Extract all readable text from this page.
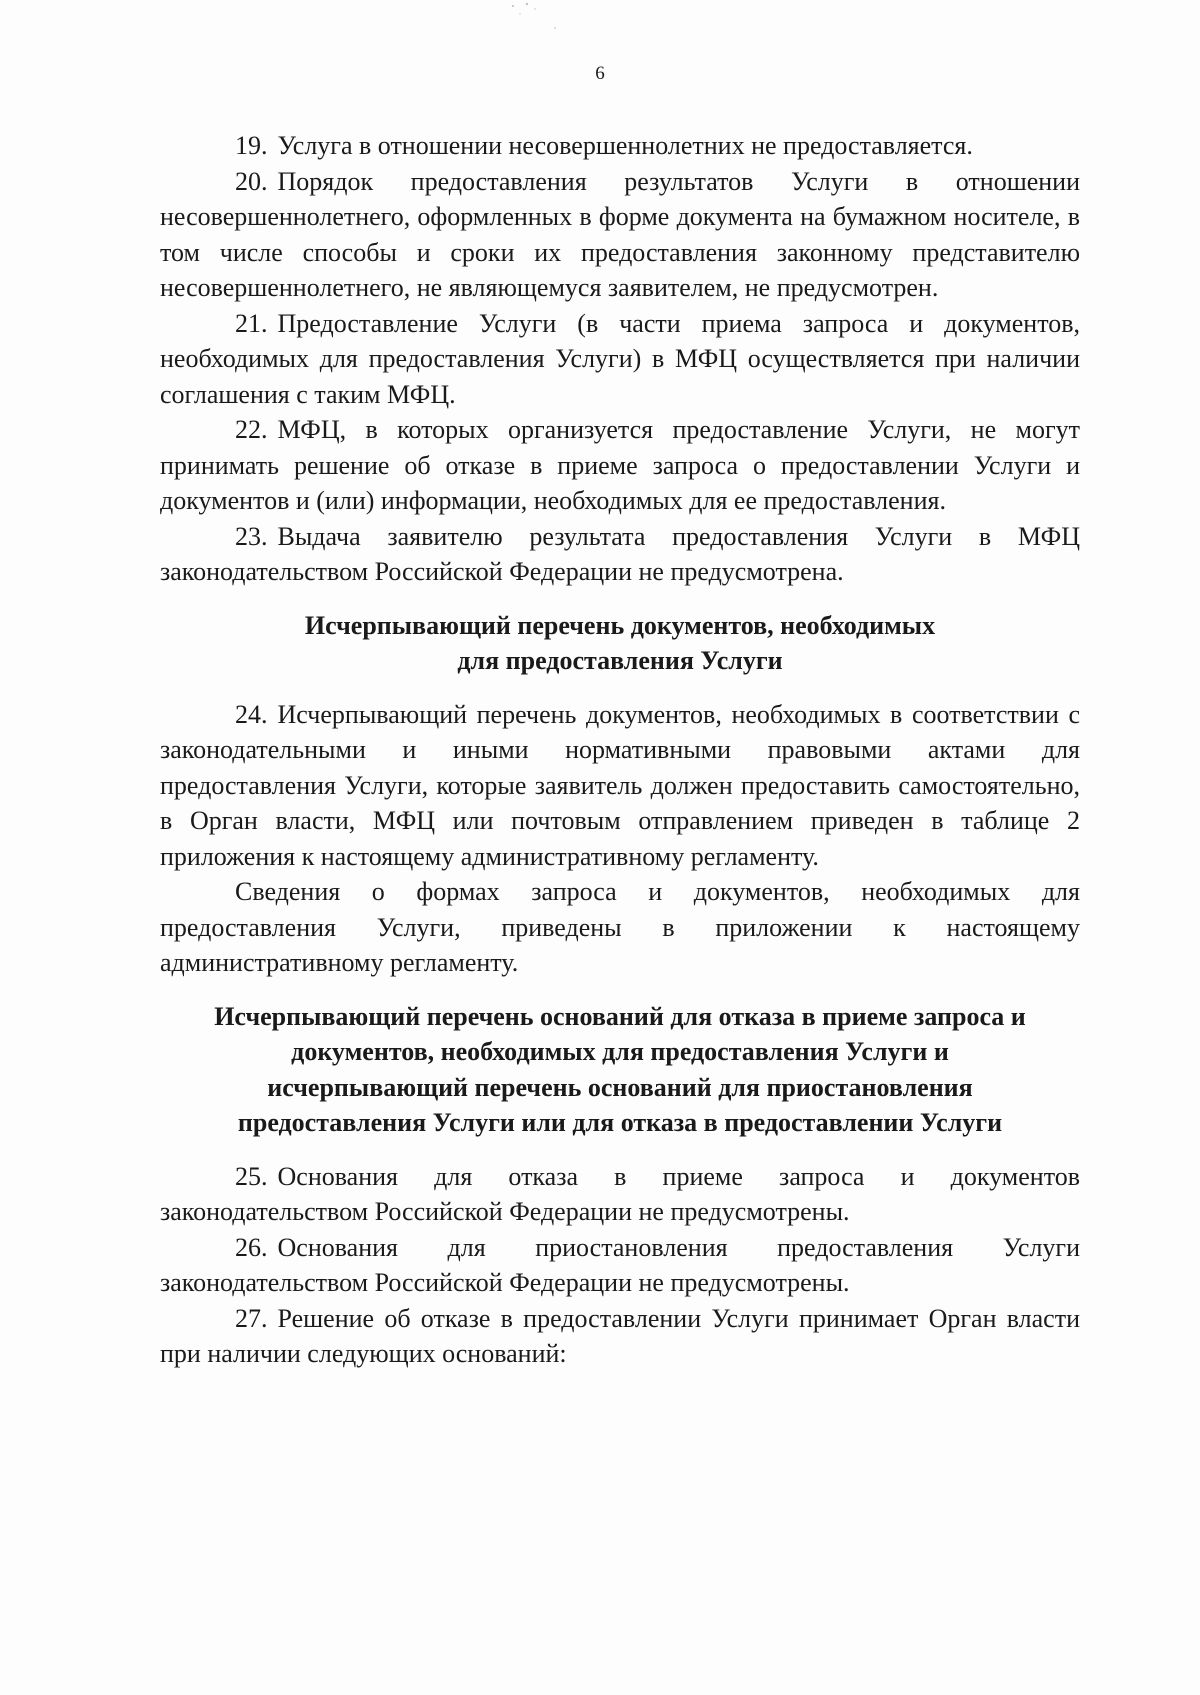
6

19. Услуга в отношении несовершеннолетних не предоставляется.

20. Порядок предоставления результатов Услуги в отношении несовершеннолетнего, оформленных в форме документа на бумажном носителе, в том числе способы и сроки их предоставления законному представителю несовершеннолетнего, не являющемуся заявителем, не предусмотрен.

21. Предоставление Услуги (в части приема запроса и документов, необходимых для предоставления Услуги) в МФЦ осуществляется при наличии соглашения с таким МФЦ.

22. МФЦ, в которых организуется предоставление Услуги, не могут принимать решение об отказе в приеме запроса о предоставлении Услуги и документов и (или) информации, необходимых для ее предоставления.

23. Выдача заявителю результата предоставления Услуги в МФЦ законодательством Российской Федерации не предусмотрена.

Исчерпывающий перечень документов, необходимых
для предоставления Услуги

24. Исчерпывающий перечень документов, необходимых в соответствии с законодательными и иными нормативными правовыми актами для предоставления Услуги, которые заявитель должен предоставить самостоятельно, в Орган власти, МФЦ или почтовым отправлением приведен в таблице 2 приложения к настоящему административному регламенту.

Сведения о формах запроса и документов, необходимых для предоставления Услуги, приведены в приложении к настоящему административному регламенту.

Исчерпывающий перечень оснований для отказа в приеме запроса и
документов, необходимых для предоставления Услуги и
исчерпывающий перечень оснований для приостановления
предоставления Услуги или для отказа в предоставлении Услуги

25. Основания для отказа в приеме запроса и документов законодательством Российской Федерации не предусмотрены.

26. Основания для приостановления предоставления Услуги законодательством Российской Федерации не предусмотрены.

27. Решение об отказе в предоставлении Услуги принимает Орган власти при наличии следующих оснований:
